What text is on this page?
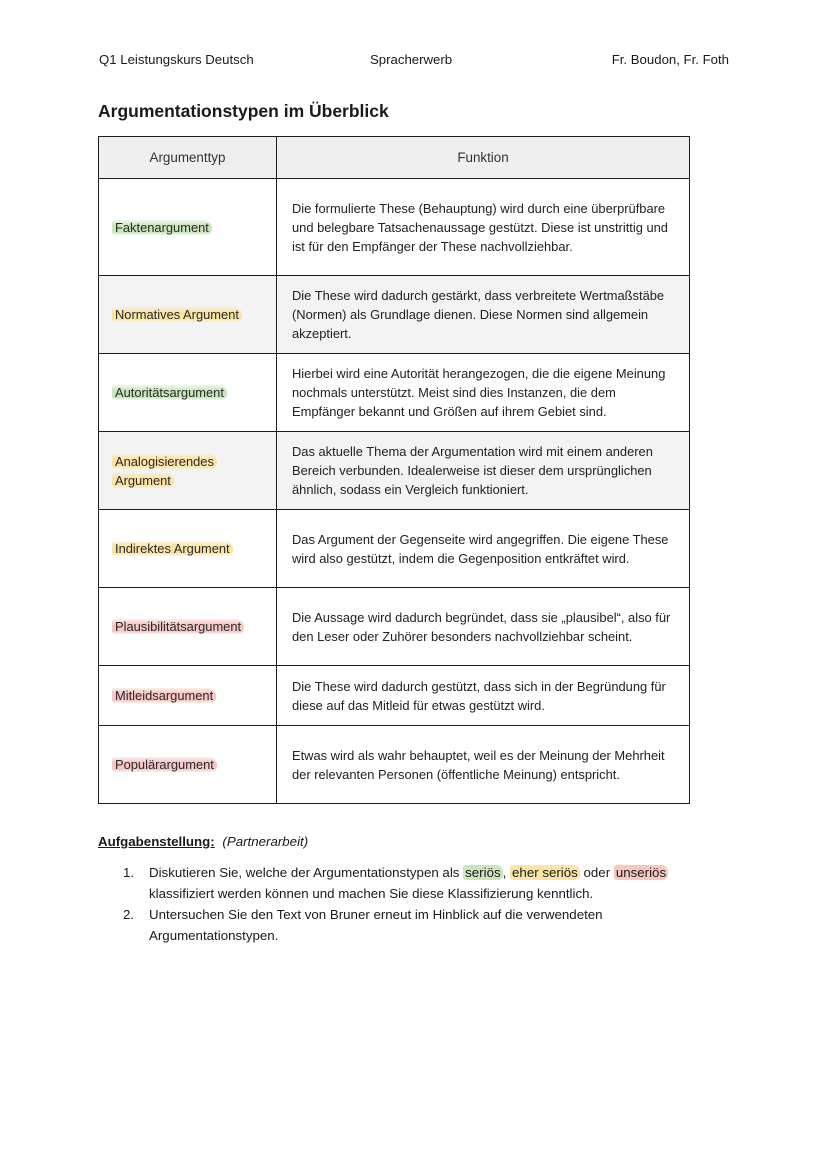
Q1 Leistungskurs Deutsch	Spracherwerb	Fr. Boudon, Fr. Foth
Argumentationstypen im Überblick
Argumenttyp	Funktion
Faktenargument	Die formulierte These (Behauptung) wird durch eine überprüfbare und belegbare Tatsachenaussage gestützt. Diese ist unstrittig und ist für den Empfänger der These nachvollziehbar.
Normatives Argument	Die These wird dadurch gestärkt, dass verbreitete Wertmaßstäbe (Normen) als Grundlage dienen. Diese Normen sind allgemein akzeptiert.
Autoritätsargument	Hierbei wird eine Autorität herangezogen, die die eigene Meinung nochmals unterstützt. Meist sind dies Instanzen, die dem Empfänger bekannt und Größen auf ihrem Gebiet sind.
Analogisierendes
Argument	Das aktuelle Thema der Argumentation wird mit einem anderen Bereich verbunden. Idealerweise ist dieser dem ursprünglichen ähnlich, sodass ein Vergleich funktioniert.
Indirektes Argument	Das Argument der Gegenseite wird angegriffen. Die eigene These wird also gestützt, indem die Gegenposition entkräftet wird.
Plausibilitätsargument	Die Aussage wird dadurch begründet, dass sie „plausibel“, also für den Leser oder Zuhörer besonders nachvollziehbar scheint.
Mitleidsargument	Die These wird dadurch gestützt, dass sich in der Begründung für diese auf das Mitleid für etwas gestützt wird.
Populärargument	Etwas wird als wahr behauptet, weil es der Meinung der Mehrheit der relevanten Personen (öffentliche Meinung) entspricht.
Aufgabenstellung: (Partnerarbeit)
1. Diskutieren Sie, welche der Argumentationstypen als seriös , eher seriös oder unseriös klassifiziert werden können und machen Sie diese Klassifizierung kenntlich.
2. Untersuchen Sie den Text von Bruner erneut im Hinblick auf die verwendeten Argumentationstypen.
